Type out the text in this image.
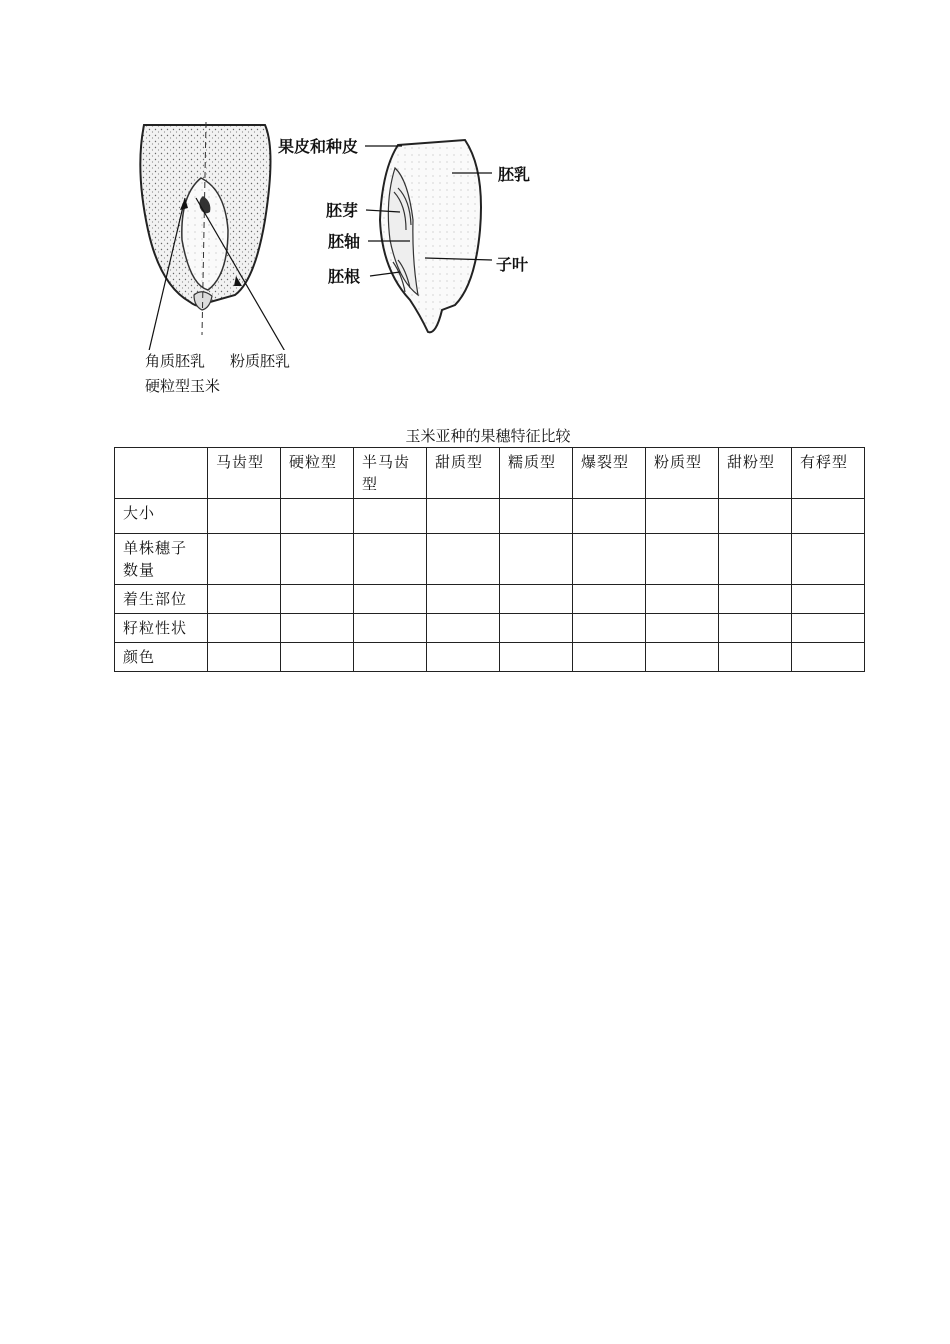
果皮和种皮
胚乳
胚芽
胚轴
胚根
子叶
角质胚乳 粉质胚乳
硬粒型玉米
玉米亚种的果穗特征比较
	马齿型	硬粒型	半马齿型	甜质型	糯质型	爆裂型	粉质型	甜粉型	有稃型
大小									
单株穗子数量									
着生部位									
籽粒性状									
颜色									
